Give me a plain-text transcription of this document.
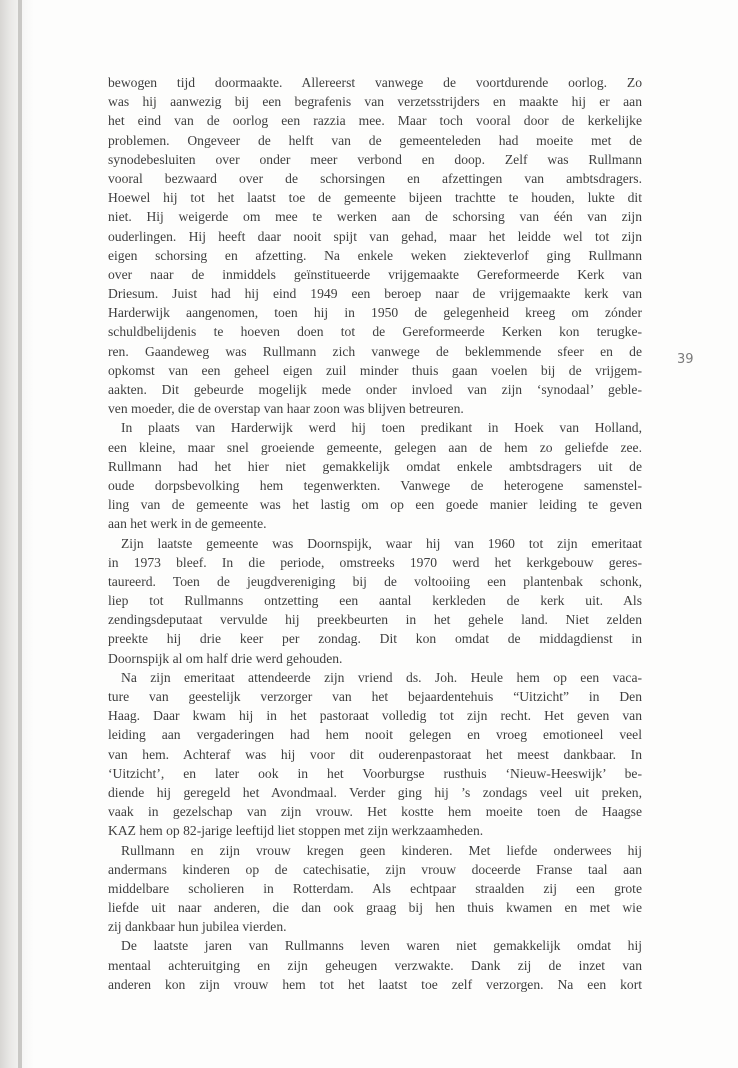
bewogen tijd doormaakte. Allereerst vanwege de voortdurende oorlog. Zo
was hij aanwezig bij een begrafenis van verzetsstrijders en maakte hij er aan
het eind van de oorlog een razzia mee. Maar toch vooral door de kerkelijke
problemen. Ongeveer de helft van de gemeenteleden had moeite met de
synodebesluiten over onder meer verbond en doop. Zelf was Rullmann
vooral bezwaard over de schorsingen en afzettingen van ambtsdragers.
Hoewel hij tot het laatst toe de gemeente bijeen trachtte te houden, lukte dit
niet. Hij weigerde om mee te werken aan de schorsing van één van zijn
ouderlingen. Hij heeft daar nooit spijt van gehad, maar het leidde wel tot zijn
eigen schorsing en afzetting. Na enkele weken ziekteverlof ging Rullmann
over naar de inmiddels geïnstitueerde vrijgemaakte Gereformeerde Kerk van
Driesum. Juist had hij eind 1949 een beroep naar de vrijgemaakte kerk van
Harderwijk aangenomen, toen hij in 1950 de gelegenheid kreeg om zónder
schuldbelijdenis te hoeven doen tot de Gereformeerde Kerken kon terugke-
ren. Gaandeweg was Rullmann zich vanwege de beklemmende sfeer en de
opkomst van een geheel eigen zuil minder thuis gaan voelen bij de vrijgem-
aakten. Dit gebeurde mogelijk mede onder invloed van zijn ‘synodaal’ geble-
ven moeder, die de overstap van haar zoon was blijven betreuren.
In plaats van Harderwijk werd hij toen predikant in Hoek van Holland,
een kleine, maar snel groeiende gemeente, gelegen aan de hem zo geliefde zee.
Rullmann had het hier niet gemakkelijk omdat enkele ambtsdragers uit de
oude dorpsbevolking hem tegenwerkten. Vanwege de heterogene samenstel-
ling van de gemeente was het lastig om op een goede manier leiding te geven
aan het werk in de gemeente.
Zijn laatste gemeente was Doornspijk, waar hij van 1960 tot zijn emeritaat
in 1973 bleef. In die periode, omstreeks 1970 werd het kerkgebouw geres-
taureerd. Toen de jeugdvereniging bij de voltooiing een plantenbak schonk,
liep tot Rullmanns ontzetting een aantal kerkleden de kerk uit. Als
zendingsdeputaat vervulde hij preekbeurten in het gehele land. Niet zelden
preekte hij drie keer per zondag. Dit kon omdat de middagdienst in
Doornspijk al om half drie werd gehouden.
Na zijn emeritaat attendeerde zijn vriend ds. Joh. Heule hem op een vaca-
ture van geestelijk verzorger van het bejaardentehuis “Uitzicht” in Den
Haag. Daar kwam hij in het pastoraat volledig tot zijn recht. Het geven van
leiding aan vergaderingen had hem nooit gelegen en vroeg emotioneel veel
van hem. Achteraf was hij voor dit ouderenpastoraat het meest dankbaar. In
‘Uitzicht’, en later ook in het Voorburgse rusthuis ‘Nieuw-Heeswijk’ be-
diende hij geregeld het Avondmaal. Verder ging hij ’s zondags veel uit preken,
vaak in gezelschap van zijn vrouw. Het kostte hem moeite toen de Haagse
KAZ hem op 82-jarige leeftijd liet stoppen met zijn werkzaamheden.
Rullmann en zijn vrouw kregen geen kinderen. Met liefde onderwees hij
andermans kinderen op de catechisatie, zijn vrouw doceerde Franse taal aan
middelbare scholieren in Rotterdam. Als echtpaar straalden zij een grote
liefde uit naar anderen, die dan ook graag bij hen thuis kwamen en met wie
zij dankbaar hun jubilea vierden.
De laatste jaren van Rullmanns leven waren niet gemakkelijk omdat hij
mentaal achteruitging en zijn geheugen verzwakte. Dank zij de inzet van
anderen kon zijn vrouw hem tot het laatst toe zelf verzorgen. Na een kort
39
